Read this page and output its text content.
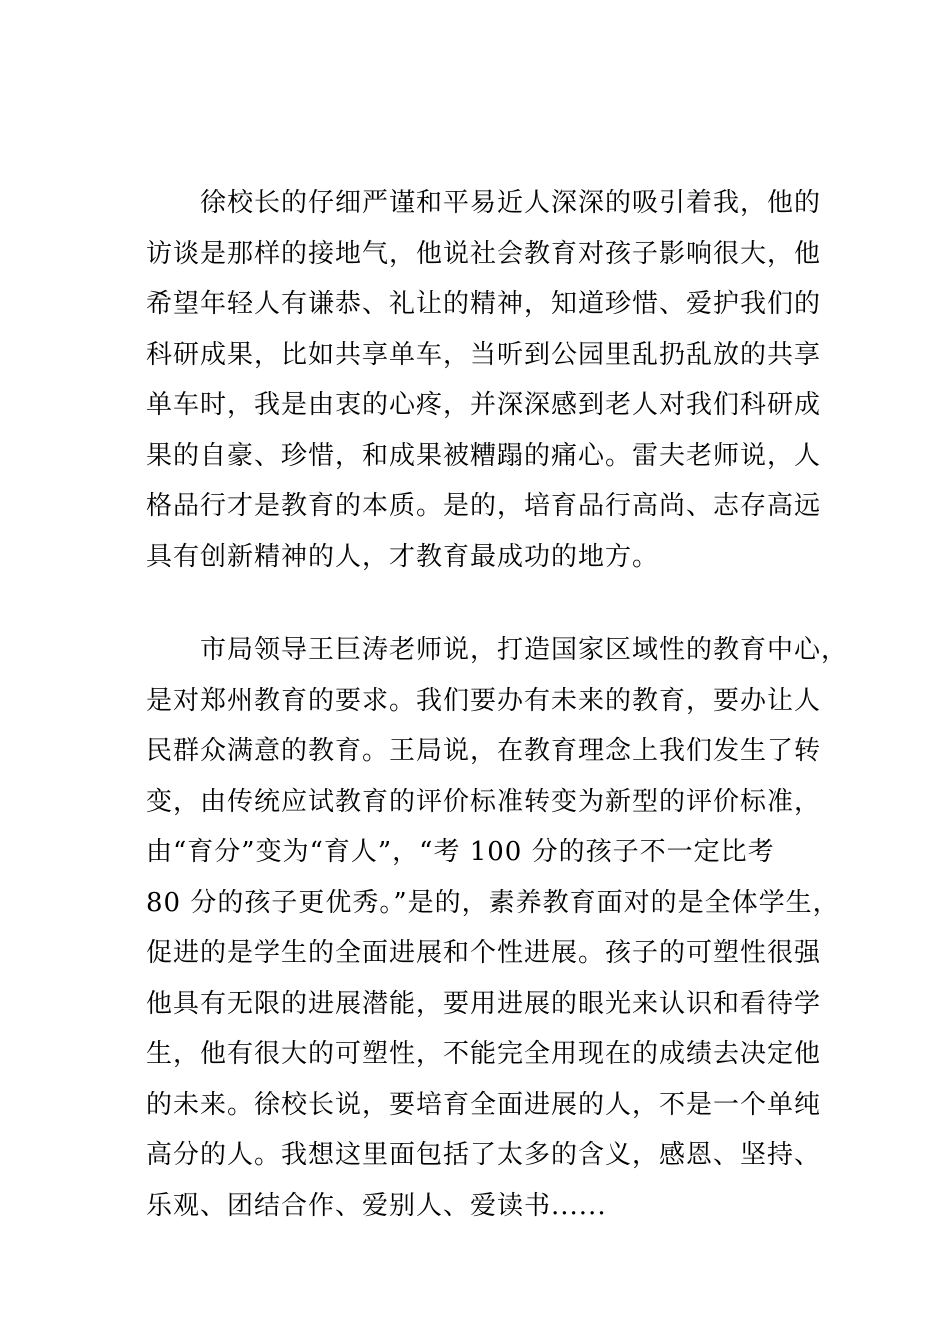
　　徐校长的仔细严谨和平易近人深深的吸引着我，他的
访谈是那样的接地气，他说社会教育对孩子影响很大，他
希望年轻人有谦恭、礼让的精神，知道珍惜、爱护我们的
科研成果，比如共享单车，当听到公园里乱扔乱放的共享
单车时，我是由衷的心疼，并深深感到老人对我们科研成
果的自豪、珍惜，和成果被糟蹋的痛心。雷夫老师说，人
格品行才是教育的本质。是的，培育品行高尚、志存高远
具有创新精神的人，才教育最成功的地方。
　　市局领导王巨涛老师说，打造国家区域性的教育中心，
是对郑州教育的要求。我们要办有未来的教育，要办让人
民群众满意的教育。王局说，在教育理念上我们发生了转
变，由传统应试教育的评价标准转变为新型的评价标准，
由“育分”变为“育人”，“考 100 分的孩子不一定比考
80 分的孩子更优秀。”是的，素养教育面对的是全体学生，
促进的是学生的全面进展和个性进展。孩子的可塑性很强
他具有无限的进展潜能，要用进展的眼光来认识和看待学
生，他有很大的可塑性，不能完全用现在的成绩去决定他
的未来。徐校长说，要培育全面进展的人，不是一个单纯
高分的人。我想这里面包括了太多的含义，感恩、坚持、
乐观、团结合作、爱别人、爱读书......
